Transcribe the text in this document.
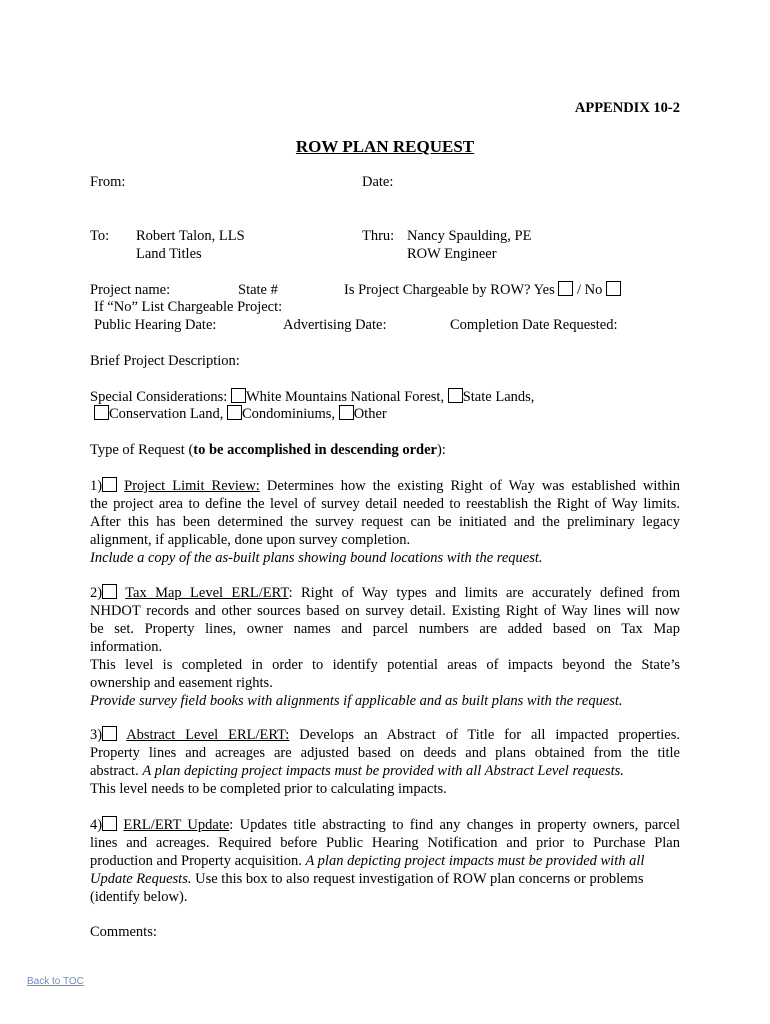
APPENDIX 10-2
ROW PLAN REQUEST
From:	Date:
To: Robert Talon, LLS
Land Titles
Thru: Nancy Spaulding, PE
ROW Engineer
Project name:	State #	Is Project Chargeable by ROW? Yes / No
If “No” List Chargeable Project:
Public Hearing Date:	Advertising Date:	Completion Date Requested:
Brief Project Description:
Special Considerations: White Mountains National Forest, State Lands,
Conservation Land, Condominiums, Other
Type of Request (to be accomplished in descending order):
1) Project Limit Review: Determines how the existing Right of Way was established within
the project area to define the level of survey detail needed to reestablish the Right of Way limits.
After this has been determined the survey request can be initiated and the preliminary legacy
alignment, if applicable, done upon survey completion.
Include a copy of the as-built plans showing bound locations with the request.
2) Tax Map Level ERL/ERT: Right of Way types and limits are accurately defined from
NHDOT records and other sources based on survey detail. Existing Right of Way lines will now
be set. Property lines, owner names and parcel numbers are added based on Tax Map
information.
This level is completed in order to identify potential areas of impacts beyond the State’s
ownership and easement rights.
Provide survey field books with alignments if applicable and as built plans with the request.
3) Abstract Level ERL/ERT: Develops an Abstract of Title for all impacted properties.
Property lines and acreages are adjusted based on deeds and plans obtained from the title
abstract. A plan depicting project impacts must be provided with all Abstract Level requests.
This level needs to be completed prior to calculating impacts.
4) ERL/ERT Update: Updates title abstracting to find any changes in property owners, parcel
lines and acreages. Required before Public Hearing Notification and prior to Purchase Plan
production and Property acquisition. A plan depicting project impacts must be provided with all
Update Requests. Use this box to also request investigation of ROW plan concerns or problems
(identify below).
Comments:
Back to TOC
